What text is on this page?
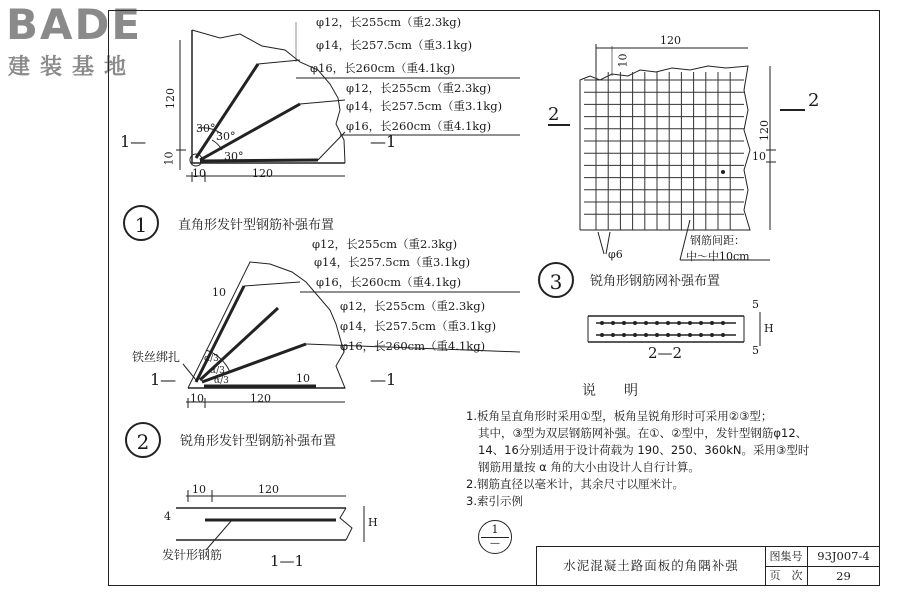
BADE
建装基地
φ12，长255cm（重2.3kg)
φ14，长257.5cm（重3.1kg)
φ16，长260cm（重4.1kg)
φ12，长255cm（重2.3kg)
φ14，长257.5cm（重3.1kg)
φ16，长260cm（重4.1kg)
30°
30°
30°
120
10
10	120
1—	—1
1	直角形发针型钢筋补强布置
φ12，长255cm（重2.3kg)
φ14，长257.5cm（重3.1kg)
φ16，长260cm（重4.1kg)
φ12，长255cm（重2.3kg)
φ14，长257.5cm（重3.1kg)
φ16，长260cm（重4.1kg)
α/3
α/3
α/3
铁丝绑扎
10
10
10	120
1—	—1
2	锐角形发针型钢筋补强布置
120
10
120
10
φ6
钢筋间距：
中～中10cm
2
2
3	锐角形钢筋网补强布置
5
H
5
2—2
10	120
4	H
发针形钢筋	1—1
说　　明
1.板角呈直角形时采用①型，板角呈锐角形时可采用②③型；
其中，③型为双层钢筋网补强。在①、②型中，发针型钢筋φ12、
14、16分别适用于设计荷载为 190、250、360kN。采用③型时
钢筋用量按 α 角的大小由设计人自行计算。
2.钢筋直径以毫米计，其余尺寸以厘米计。
3.索引示例
1
—
水泥混凝土路面板的角隅补强
图集号	93J007-4
页　次	29
